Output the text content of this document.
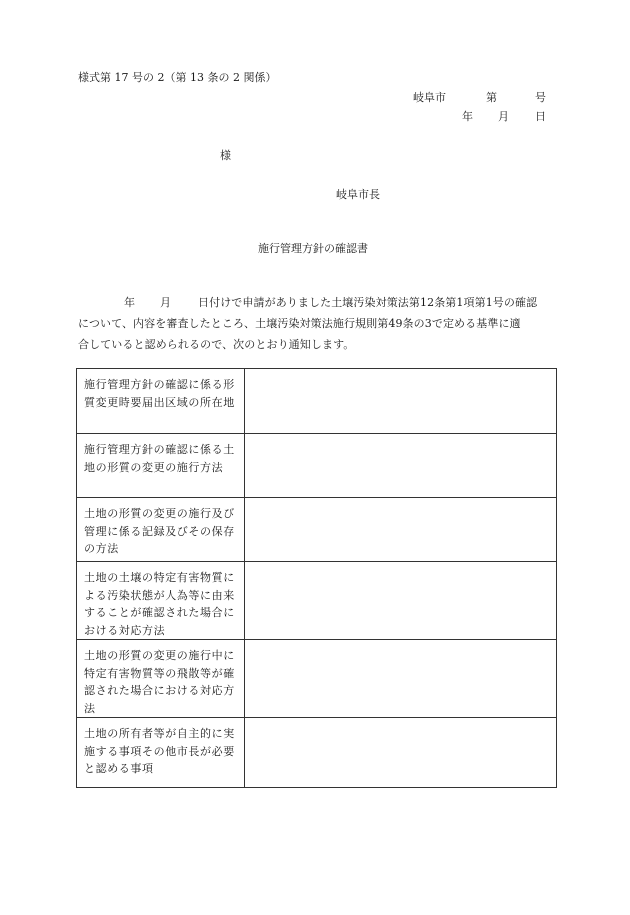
様式第 17 号の 2（第 13 条の 2 関係）
岐阜市	第	号
年 月 日
様
岐阜市長
施行管理方針の確認書
年 月 日付けで申請がありました土壌汚染対策法第12条第1項第1号の確認
について、内容を審査したところ、土壌汚染対策法施行規則第49条の3で定める基準に適
合していると認められるので、次のとおり通知します。
施行管理方針の確認に係る形質変更時要届出区域の所在地	
施行管理方針の確認に係る土地の形質の変更の施行方法	
土地の形質の変更の施行及び管理に係る記録及びその保存の方法	
土地の土壌の特定有害物質による汚染状態が人為等に由来することが確認された場合における対応方法	
土地の形質の変更の施行中に特定有害物質等の飛散等が確認された場合における対応方法	
土地の所有者等が自主的に実施する事項その他市長が必要と認める事項	
